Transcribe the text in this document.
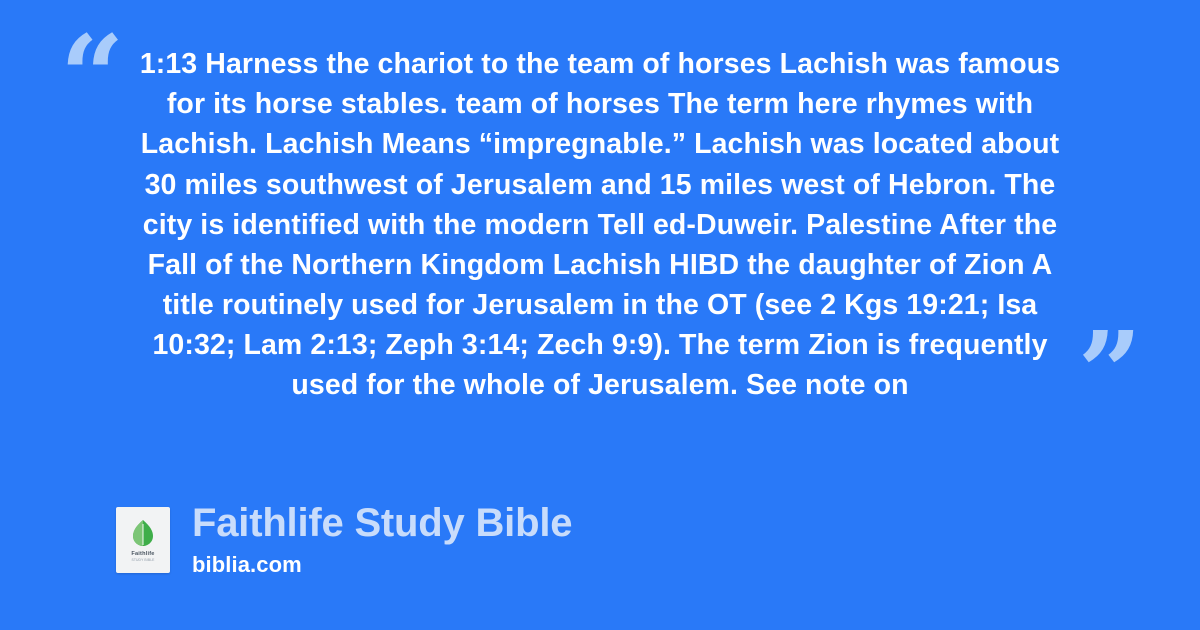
“ 1:13 Harness the chariot to the team of horses Lachish was famous for its horse stables. team of horses The term here rhymes with Lachish. Lachish Means “impregnable.” Lachish was located about 30 miles southwest of Jerusalem and 15 miles west of Hebron. The city is identified with the modern Tell ed-Duweir. Palestine After the Fall of the Northern Kingdom Lachish HIBD the daughter of Zion A title routinely used for Jerusalem in the OT (see 2 Kgs 19:21; Isa 10:32; Lam 2:13; Zeph 3:14; Zech 9:9). The term Zion is frequently used for the whole of Jerusalem. See note on	”
Faithlife
STUDY BIBLE
Faithlife Study Bible
biblia.com
